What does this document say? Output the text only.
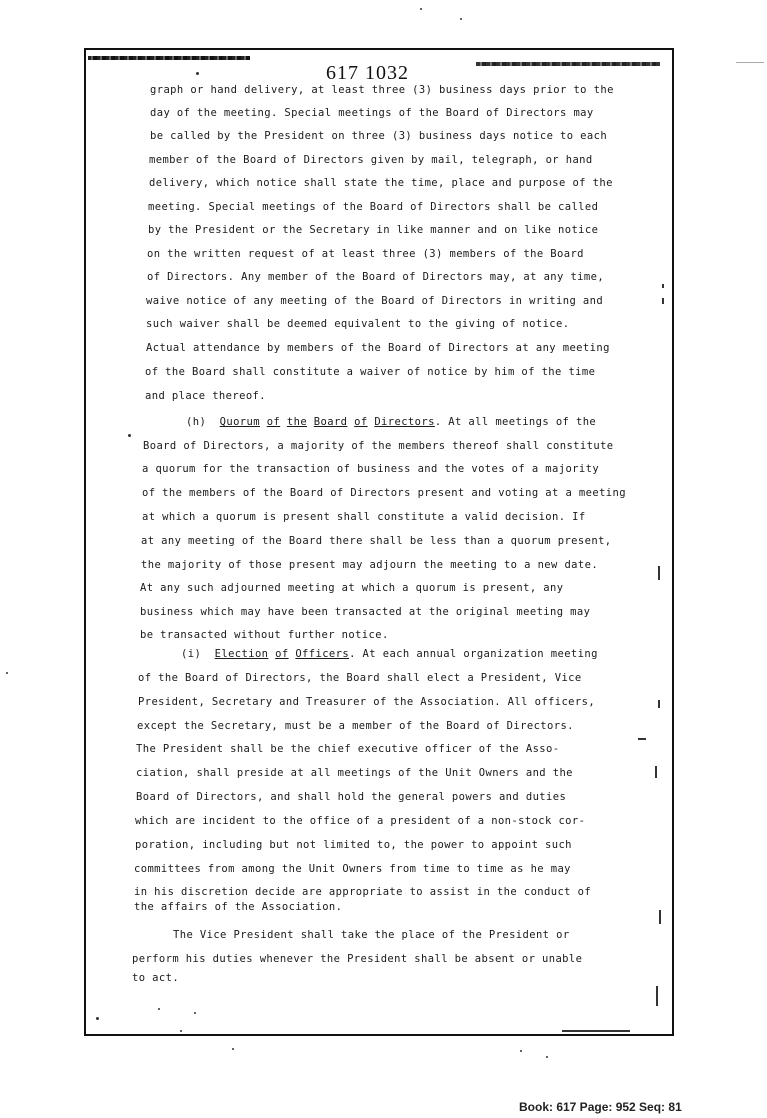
617 1032
graph or hand delivery, at least three (3) business days prior to the
day of the meeting. Special meetings of the Board of Directors may
be called by the President on three (3) business days notice to each
member of the Board of Directors given by mail, telegraph, or hand
delivery, which notice shall state the time, place and purpose of the
meeting. Special meetings of the Board of Directors shall be called
by the President or the Secretary in like manner and on like notice
on the written request of at least three (3) members of the Board
of Directors. Any member of the Board of Directors may, at any time,
waive notice of any meeting of the Board of Directors in writing and
such waiver shall be deemed equivalent to the giving of notice.
Actual attendance by members of the Board of Directors at any meeting
of the Board shall constitute a waiver of notice by him of the time
and place thereof.
(h) Quorum of the Board of Directors. At all meetings of the
Board of Directors, a majority of the members thereof shall constitute
a quorum for the transaction of business and the votes of a majority
of the members of the Board of Directors present and voting at a meeting
at which a quorum is present shall constitute a valid decision. If
at any meeting of the Board there shall be less than a quorum present,
the majority of those present may adjourn the meeting to a new date.
At any such adjourned meeting at which a quorum is present, any
business which may have been transacted at the original meeting may
be transacted without further notice.
(i) Election of Officers. At each annual organization meeting
of the Board of Directors, the Board shall elect a President, Vice
President, Secretary and Treasurer of the Association. All officers,
except the Secretary, must be a member of the Board of Directors.
The President shall be the chief executive officer of the Asso-
ciation, shall preside at all meetings of the Unit Owners and the
Board of Directors, and shall hold the general powers and duties
which are incident to the office of a president of a non-stock cor-
poration, including but not limited to, the power to appoint such
committees from among the Unit Owners from time to time as he may
in his discretion decide are appropriate to assist in the conduct of
the affairs of the Association.
The Vice President shall take the place of the President or
perform his duties whenever the President shall be absent or unable
to act.
Book: 617 Page: 952 Seq: 81
